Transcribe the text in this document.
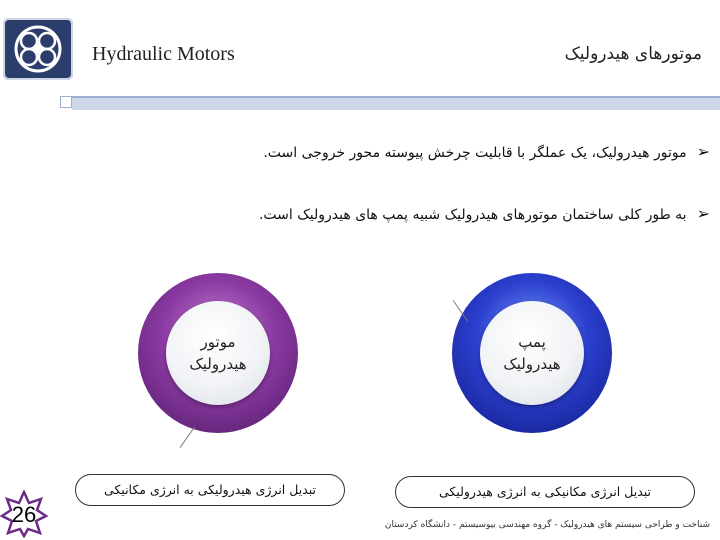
Hydraulic Motors	موتورهای هیدرولیک
➢موتور هیدرولیک، یک عملگر با قابلیت چرخش پیوسته محور خروجی است.
➢به طور کلی ساختمان موتورهای هیدرولیک شبیه پمپ های هیدرولیک است.
موتور
هیدرولیک
پمپ
هیدرولیک
تبدیل انرژی هیدرولیکی به انرژی مکانیکی	تبدیل انرژی مکانیکی به انرژی هیدرولیکی
26	شناخت و طراحی سیستم های هیدرولیک - گروه مهندسی بیوسیستم - دانشگاه کردستان
